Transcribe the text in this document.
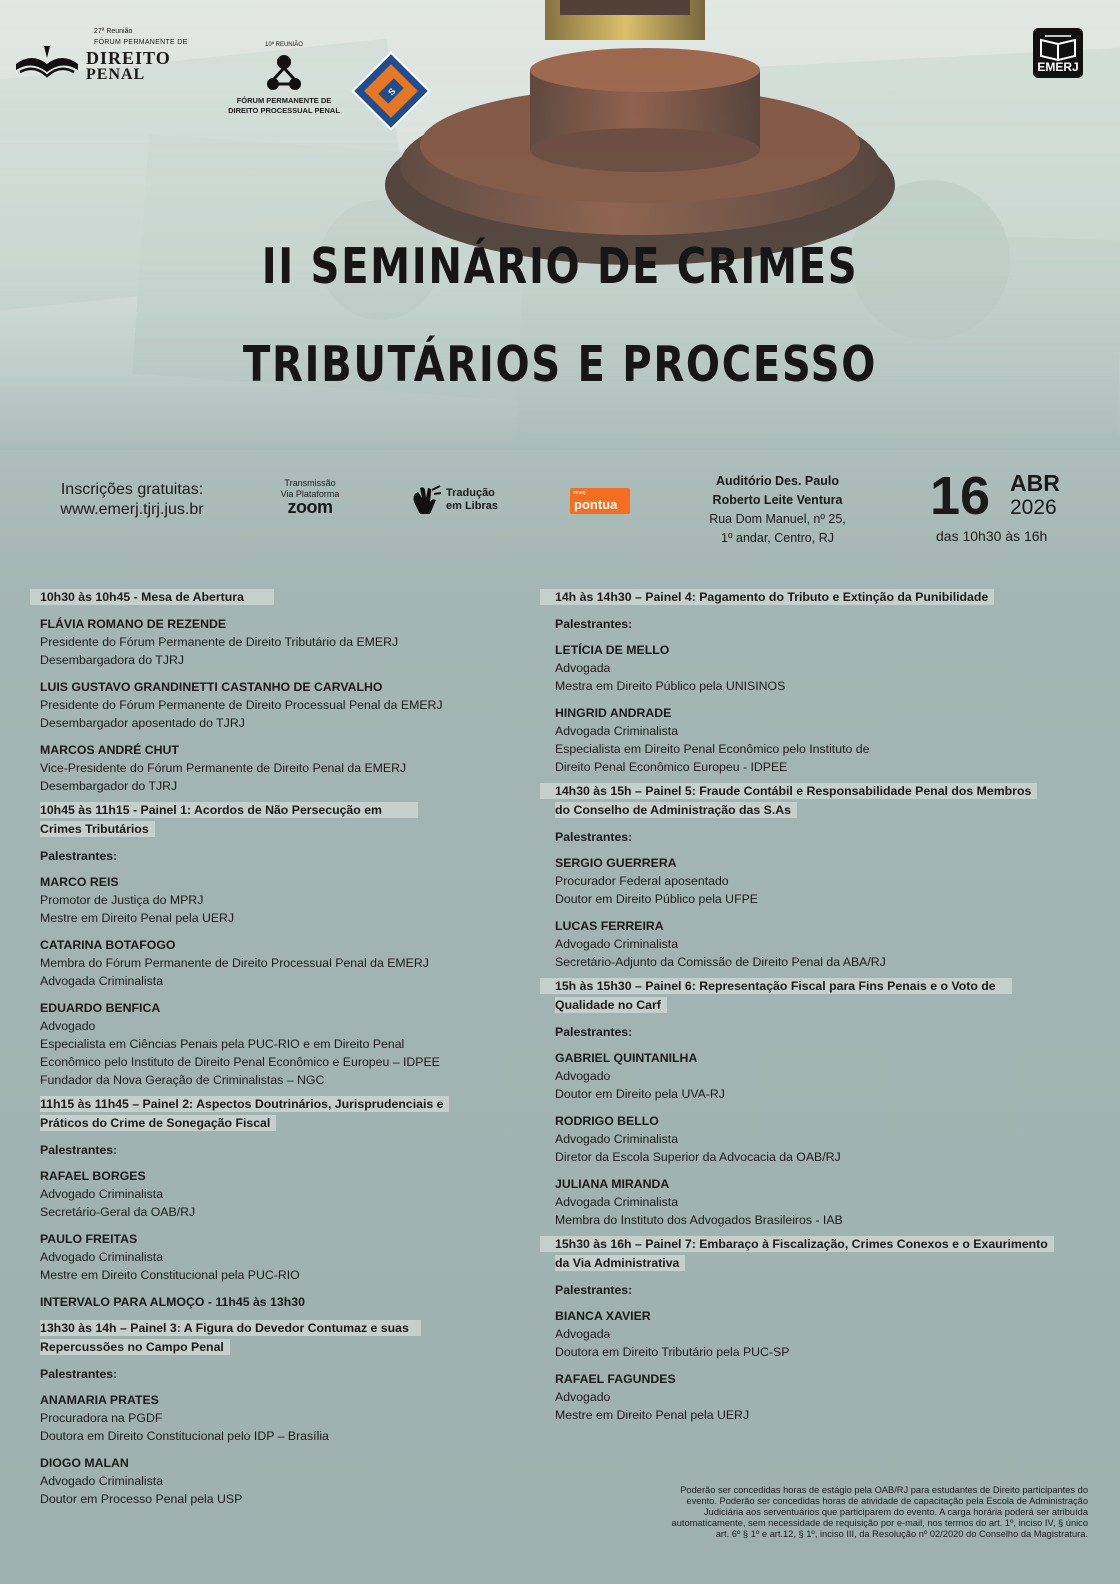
27ª Reunião
FÓRUM PERMANENTE DE
DIREITO
PENAL
10ª REUNIÃO
FÓRUM PERMANENTE DE
DIREITO PROCESSUAL PENAL
S
EMERJ
II SEMINÁRIO DE CRIMES
TRIBUTÁRIOS E PROCESSO
Inscrições gratuitas:
www.emerj.tjrj.jus.br
Transmissão
Via Plataforma
zoom
Tradução
em Libras
emerj
pontua
Auditório Des. Paulo
Roberto Leite Ventura
Rua Dom Manuel, nº 25,
1º andar, Centro, RJ
16 ABR
2026
das 10h30 às 16h
10h30 às 10h45 - Mesa de Abertura
FLÁVIA ROMANO DE REZENDE
Presidente do Fórum Permanente de Direito Tributário da EMERJ
Desembargadora do TJRJ
LUIS GUSTAVO GRANDINETTI CASTANHO DE CARVALHO
Presidente do Fórum Permanente de Direito Processual Penal da EMERJ
Desembargador aposentado do TJRJ
MARCOS ANDRÉ CHUT
Vice-Presidente do Fórum Permanente de Direito Penal da EMERJ
Desembargador do TJRJ
10h45 às 11h15 - Painel 1: Acordos de Não Persecução em
Crimes Tributários
Palestrantes:
MARCO REIS
Promotor de Justiça do MPRJ
Mestre em Direito Penal pela UERJ
CATARINA BOTAFOGO
Membra do Fórum Permanente de Direito Processual Penal da EMERJ
Advogada Criminalista
EDUARDO BENFICA
Advogado
Especialista em Ciências Penais pela PUC-RIO e em Direito Penal
Econômico pelo Instituto de Direito Penal Econômico e Europeu – IDPEE
Fundador da Nova Geração de Criminalistas – NGC
11h15 às 11h45 – Painel 2: Aspectos Doutrinários, Jurisprudenciais e
Práticos do Crime de Sonegação Fiscal
Palestrantes:
RAFAEL BORGES
Advogado Criminalista
Secretário-Geral da OAB/RJ
PAULO FREITAS
Advogado Criminalista
Mestre em Direito Constitucional pela PUC-RIO
INTERVALO PARA ALMOÇO - 11h45 às 13h30
13h30 às 14h – Painel 3: A Figura do Devedor Contumaz e suas
Repercussões no Campo Penal
Palestrantes:
ANAMARIA PRATES
Procuradora na PGDF
Doutora em Direito Constitucional pelo IDP – Brasília
DIOGO MALAN
Advogado Criminalista
Doutor em Processo Penal pela USP
14h às 14h30 – Painel 4: Pagamento do Tributo e Extinção da Punibilidade
Palestrantes:
LETÍCIA DE MELLO
Advogada
Mestra em Direito Público pela UNISINOS
HINGRID ANDRADE
Advogada Criminalista
Especialista em Direito Penal Econômico pelo Instituto de
Direito Penal Econômico Europeu - IDPEE
14h30 às 15h – Painel 5: Fraude Contábil e Responsabilidade Penal dos Membros
do Conselho de Administração das S.As
Palestrantes:
SERGIO GUERRERA
Procurador Federal aposentado
Doutor em Direito Público pela UFPE
LUCAS FERREIRA
Advogado Criminalista
Secretário-Adjunto da Comissão de Direito Penal da ABA/RJ
15h às 15h30 – Painel 6: Representação Fiscal para Fins Penais e o Voto de
Qualidade no Carf
Palestrantes:
GABRIEL QUINTANILHA
Advogado
Doutor em Direito pela UVA-RJ
RODRIGO BELLO
Advogado Criminalista
Diretor da Escola Superior da Advocacia da OAB/RJ
JULIANA MIRANDA
Advogada Criminalista
Membra do Instituto dos Advogados Brasileiros - IAB
15h30 às 16h – Painel 7: Embaraço à Fiscalização, Crimes Conexos e o Exaurimento
da Via Administrativa
Palestrantes:
BIANCA XAVIER
Advogada
Doutora em Direito Tributário pela PUC-SP
RAFAEL FAGUNDES
Advogado
Mestre em Direito Penal pela UERJ
Poderão ser concedidas horas de estágio pela OAB/RJ para estudantes de Direito participantes do
evento. Poderão ser concedidas horas de atividade de capacitação pela Escola de Administração
Judiciária aos serventuários que participarem do evento. A carga horária poderá ser atribuída
automaticamente, sem necessidade de requisição por e-mail, nos termos do art. 1º, inciso IV, § único
art. 6º § 1º e art.12, § 1º, inciso III, da Resolução nº 02/2020 do Conselho da Magistratura.
